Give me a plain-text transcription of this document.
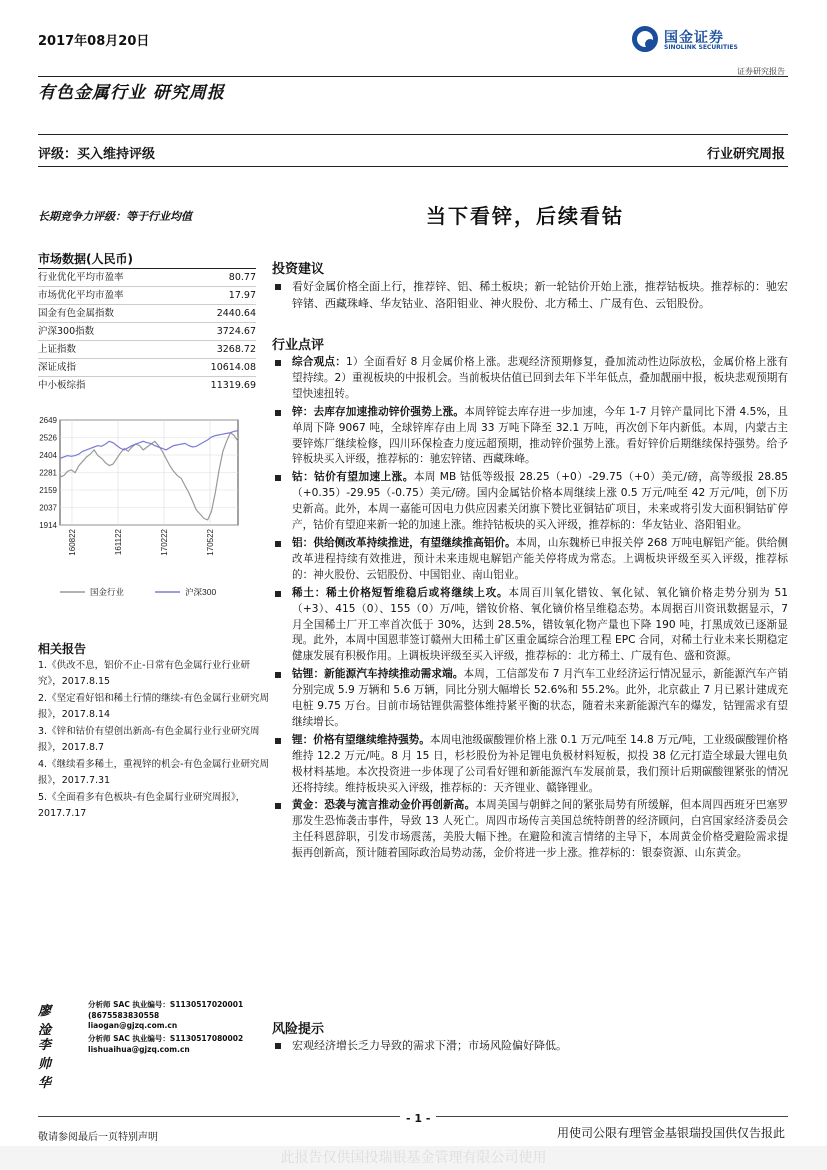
2017年08月20日	国金证券
SINOLINK SECURITIES
证券研究报告
有色金属行业 研究周报
评级：买入维持评级	行业研究周报
长期竞争力评级：等于行业均值	当下看锌，后续看钴
市场数据(人民币)
行业优化平均市盈率	80.77
市场优化平均市盈率	17.97
国金有色金属指数	2440.64
沪深300指数	3724.67
上证指数	3268.72
深证成指	10614.08
中小板综指	11319.69
2649
2526
2404
2281
2159
2037
1914
160822	161122	170222	170522
国金行业	沪深300
相关报告
1.《供改不息，铝价不止-日常有色金属行业行业研究》，2017.8.15
2.《坚定看好铝和稀土行情的继续-有色金属行业研究周报》，2017.8.14
3.《锌和钴价有望创出新高-有色金属行业行业研究周报》，2017.8.7
4.《继续看多稀土，重视锌的机会-有色金属行业研究周报》，2017.7.31
5.《全面看多有色板块-有色金属行业研究周报》，2017.7.17
廖淦
分析师 SAC 执业编号：S1130517020001
(8675583830558
liaogan@gjzq.com.cn
李帅华
分析师 SAC 执业编号：S1130517080002
lishuaihua@gjzq.com.cn
投资建议
看好金属价格全面上行，推荐锌、铝、稀土板块；新一轮钴价开始上涨，推荐钴板块。推荐标的：驰宏锌锗、西藏珠峰、华友钴业、洛阳钼业、神火股份、北方稀土、广晟有色、云铝股份。
行业点评
综合观点：1）全面看好 8 月金属价格上涨。悲观经济预期修复，叠加流动性边际放松，金属价格上涨有望持续。2）重视板块的中报机会。当前板块估值已回到去年下半年低点，叠加靓丽中报，板块悲观预期有望快速扭转。
锌：去库存加速推动锌价强势上涨。本周锌锭去库存进一步加速，今年 1-7 月锌产量同比下滑 4.5%，且单周下降 9067 吨，全球锌库存由上周 33 万吨下降至 32.1 万吨，再次创下年内新低。本周，内蒙古主要锌炼厂继续检修，四川环保检查力度远超预期，推动锌价强势上涨。看好锌价后期继续保持强势。给予锌板块买入评级，推荐标的：驰宏锌锗、西藏珠峰。
钴：钴价有望加速上涨。本周 MB 钴低等级报 28.25（+0）-29.75（+0）美元/磅，高等级报 28.85（+0.35）-29.95（-0.75）美元/磅。国内金属钴价格本周继续上涨 0.5 万元/吨至 42 万元/吨，创下历史新高。此外，本周一嘉能可因电力供应因素关闭旗下赞比亚铜钴矿项目，未来或将引发大面积铜钴矿停产，钴价有望迎来新一轮的加速上涨。维持钴板块的买入评级，推荐标的：华友钴业、洛阳钼业。
铝：供给侧改革持续推进，有望继续推高铝价。本周，山东魏桥已申报关停 268 万吨电解铝产能。供给侧改革进程持续有效推进，预计未来违规电解铝产能关停将成为常态。上调板块评级至买入评级，推荐标的：神火股份、云铝股份、中国铝业、南山铝业。
稀土：稀土价格短暂维稳后或将继续上攻。本周百川氧化镨钕、氧化铽、氧化镝价格走势分别为 51（+3）、415（0）、155（0）万/吨，镨钕价格、氧化镝价格呈维稳态势。本周据百川资讯数据显示，7 月全国稀土厂开工率首次低于 30%，达到 28.5%，镨钕氧化物产量也下降 190 吨，打黑成效已逐渐显现。此外，本周中国恩菲签订赣州大田稀土矿区重金属综合治理工程 EPC 合同，对稀土行业未来长期稳定健康发展有积极作用。上调板块评级至买入评级，推荐标的：北方稀土、广晟有色、盛和资源。
钴锂：新能源汽车持续推动需求端。本周，工信部发布 7 月汽车工业经济运行情况显示，新能源汽车产销分别完成 5.9 万辆和 5.6 万辆，同比分别大幅增长 52.6%和 55.2%。此外，北京截止 7 月已累计建成充电桩 9.75 万台。目前市场钴锂供需整体维持紧平衡的状态，随着未来新能源汽车的爆发，钴锂需求有望继续增长。
锂：价格有望继续维持强势。本周电池级碳酸锂价格上涨 0.1 万元/吨至 14.8 万元/吨，工业级碳酸锂价格维持 12.2 万元/吨。8 月 15 日，杉杉股份为补足锂电负极材料短板，拟投 38 亿元打造全球最大锂电负极材料基地。本次投资进一步体现了公司看好锂和新能源汽车发展前景，我们预计后期碳酸锂紧张的情况还将持续。维持板块买入评级，推荐标的：天齐锂业、赣锋锂业。
黄金：恐袭与流言推动金价再创新高。本周美国与朝鲜之间的紧张局势有所缓解，但本周四西班牙巴塞罗那发生恐怖袭击事件，导致 13 人死亡。周四市场传言美国总统特朗普的经济顾问，白宫国家经济委员会主任科恩辞职，引发市场震荡，美股大幅下挫。在避险和流言情绪的主导下，本周黄金价格受避险需求提振再创新高，预计随着国际政治局势动荡，金价将进一步上涨。推荐标的：银泰资源、山东黄金。
风险提示
宏观经济增长乏力导致的需求下滑；市场风险偏好降低。
- 1 -
敬请参阅最后一页特别声明	用使司公限有理管金基银瑞投国供仅告报此
此报告仅供国投瑞银基金管理有限公司使用
